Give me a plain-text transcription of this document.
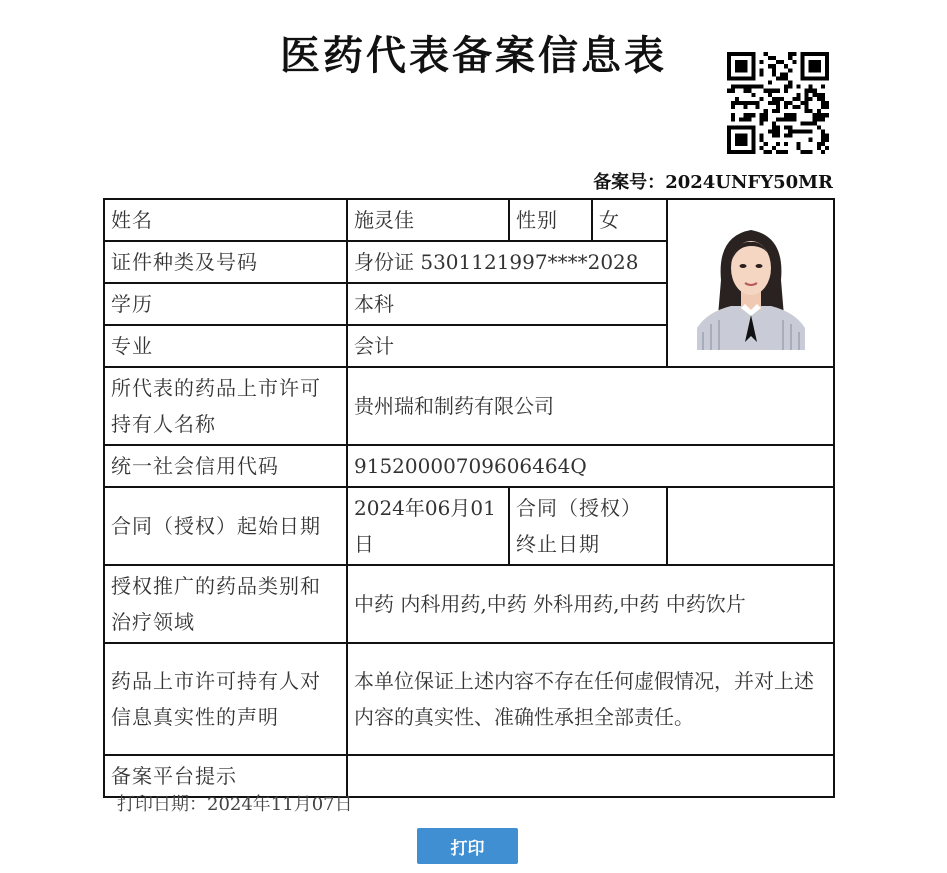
医药代表备案信息表
备案号：2024UNFY50MR
姓名	施灵佳	性别	女	
证件种类及号码	身份证 5301121997****2028			
学历	本科			
专业	会计			
所代表的药品上市许可持有人名称	贵州瑞和制药有限公司			
统一社会信用代码	91520000709606464Q			
合同（授权）起始日期	2024年06月01日	合同（授权）终止日期		
授权推广的药品类别和治疗领域	中药 内科用药,中药 外科用药,中药 中药饮片			
药品上市许可持有人对信息真实性的声明	本单位保证上述内容不存在任何虚假情况，并对上述内容的真实性、准确性承担全部责任。			
备案平台提示				
打印日期：2024年11月07日
打印
